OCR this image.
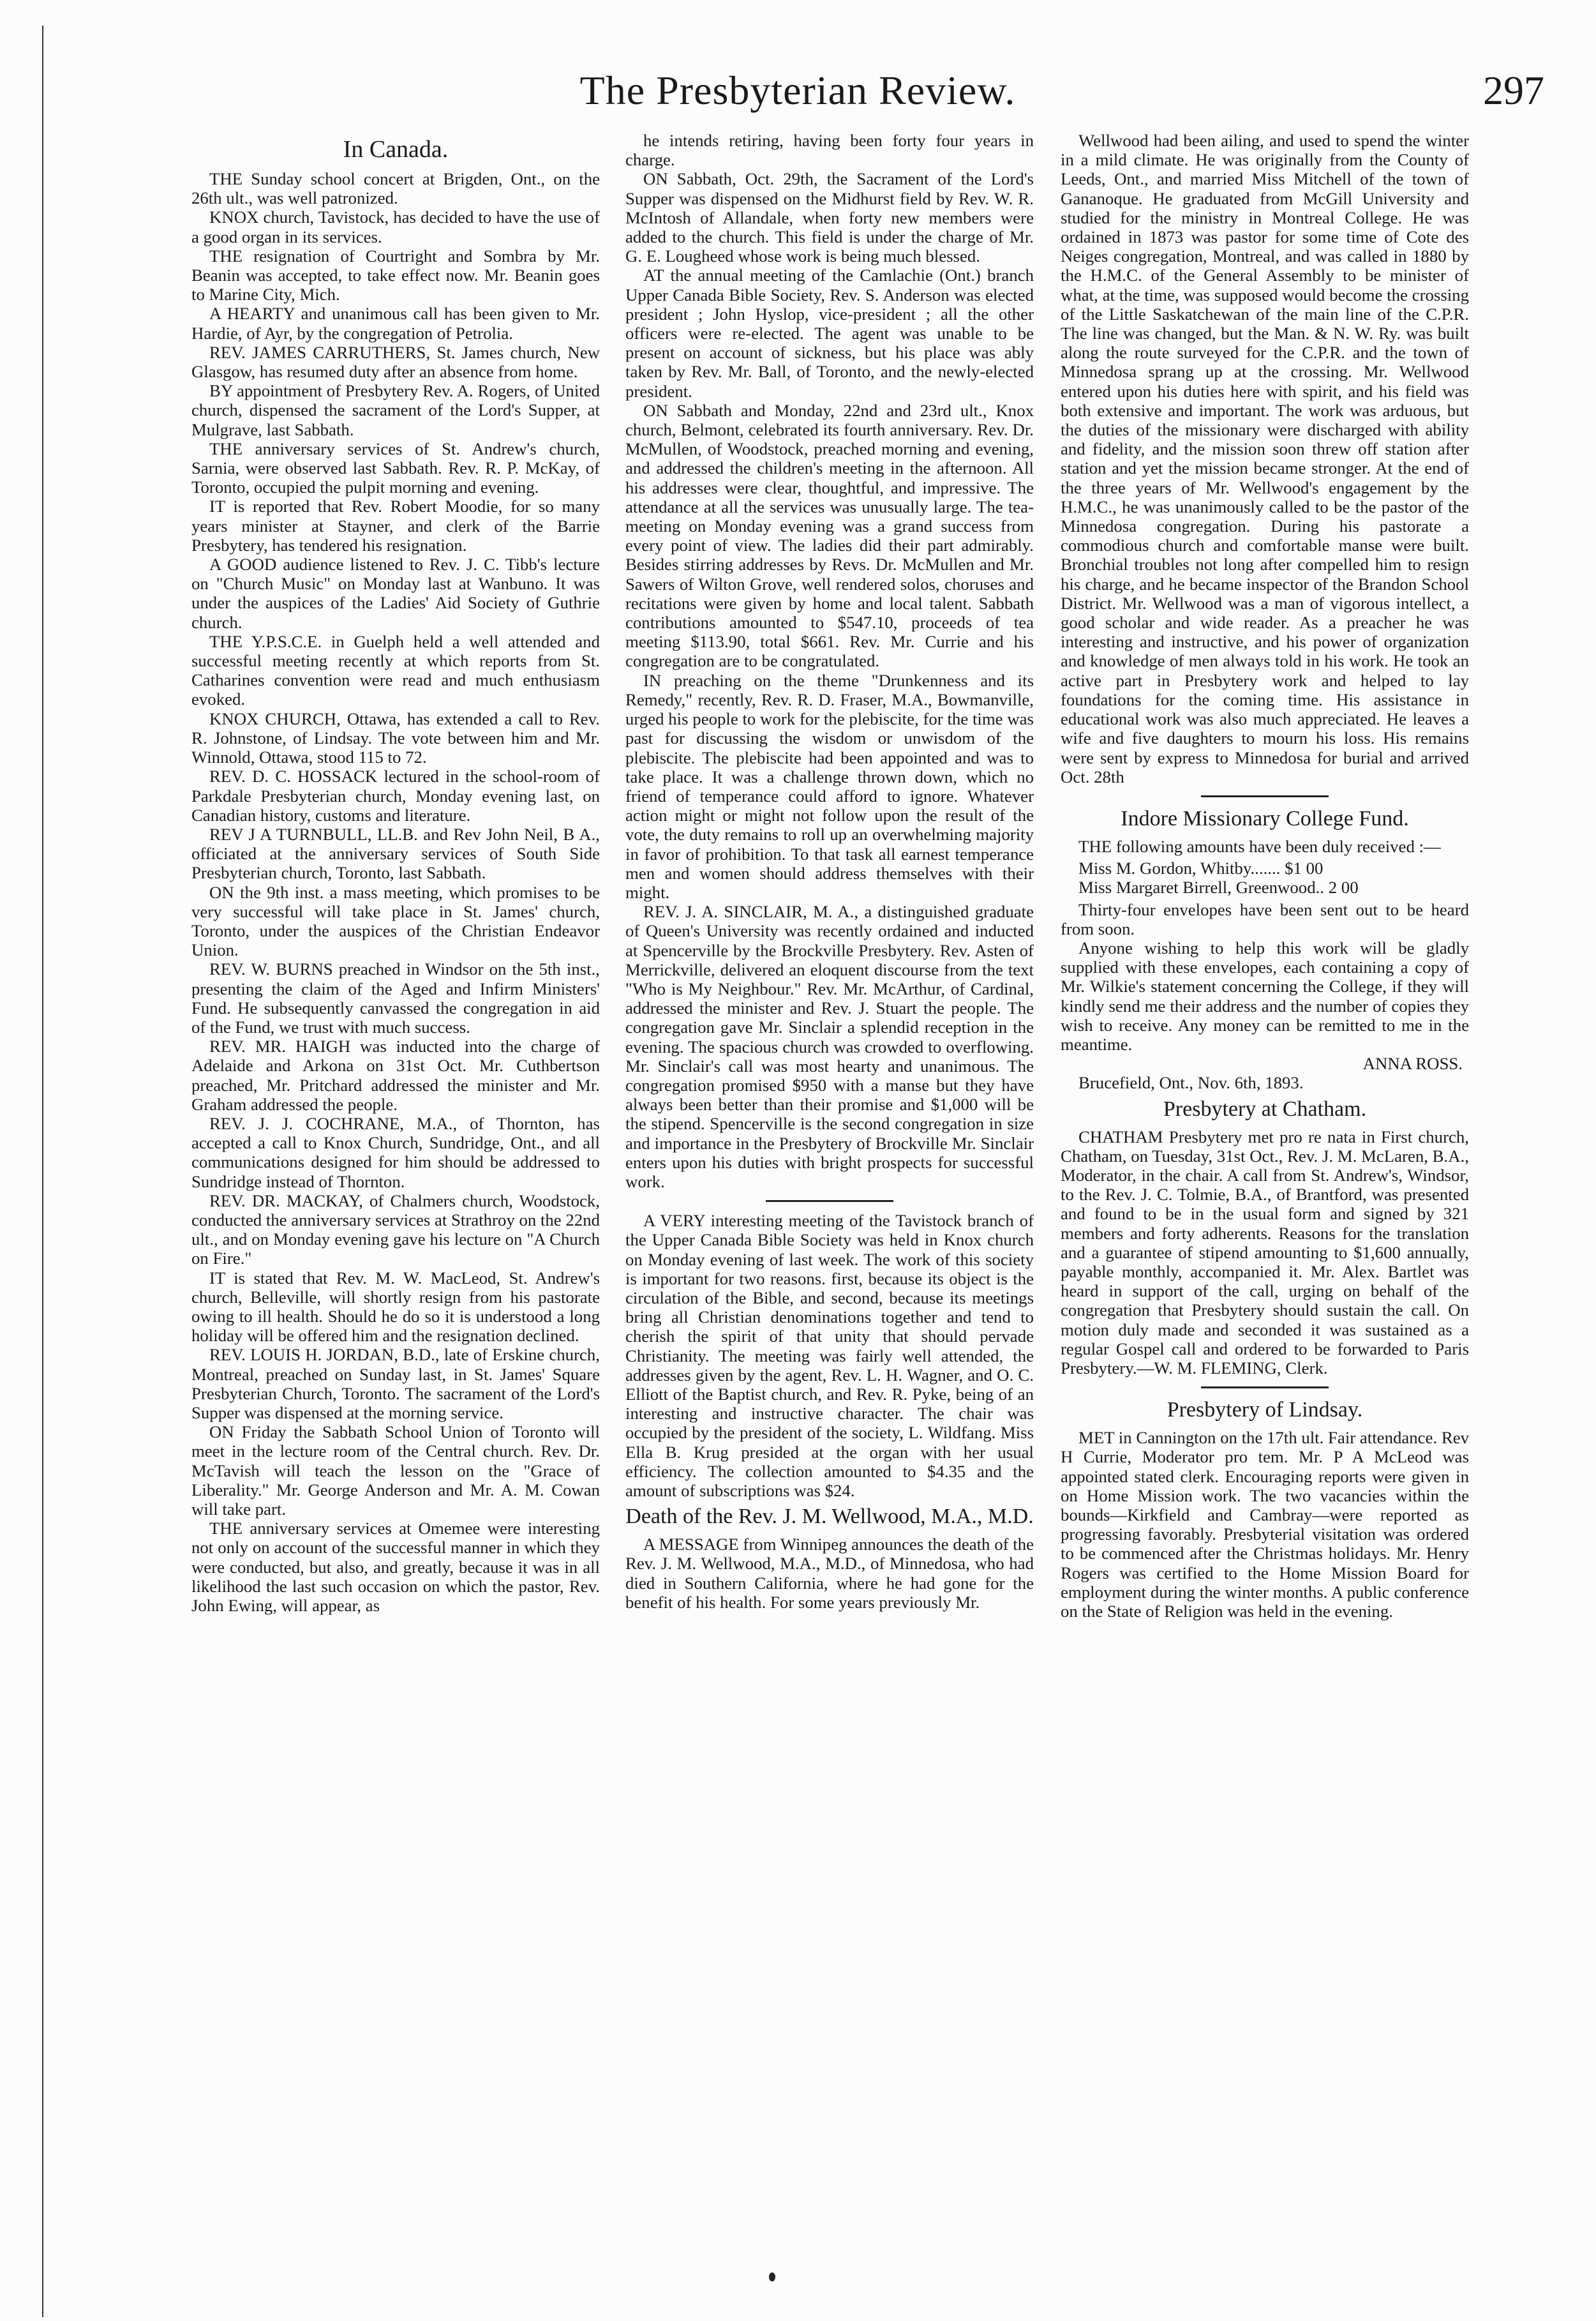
The Presbyterian Review.	297
In Canada.

THE Sunday school concert at Brigden, Ont., on the 26th ult., was well patronized.

KNOX church, Tavistock, has decided to have the use of a good organ in its services.

THE resignation of Courtright and Sombra by Mr. Beanin was accepted, to take effect now. Mr. Beanin goes to Marine City, Mich.

A HEARTY and unanimous call has been given to Mr. Hardie, of Ayr, by the congregation of Petrolia.

REV. JAMES CARRUTHERS, St. James church, New Glasgow, has resumed duty after an absence from home.

BY appointment of Presbytery Rev. A. Rogers, of United church, dispensed the sacrament of the Lord's Supper, at Mulgrave, last Sabbath.

THE anniversary services of St. Andrew's church, Sarnia, were observed last Sabbath. Rev. R. P. McKay, of Toronto, occupied the pulpit morning and evening.

IT is reported that Rev. Robert Moodie, for so many years minister at Stayner, and clerk of the Barrie Presbytery, has tendered his resignation.

A GOOD audience listened to Rev. J. C. Tibb's lecture on "Church Music" on Monday last at Wanbuno. It was under the auspices of the Ladies' Aid Society of Guthrie church.

THE Y.P.S.C.E. in Guelph held a well attended and successful meeting recently at which reports from St. Catharines convention were read and much enthusiasm evoked.

KNOX CHURCH, Ottawa, has extended a call to Rev. R. Johnstone, of Lindsay. The vote between him and Mr. Winnold, Ottawa, stood 115 to 72.

REV. D. C. HOSSACK lectured in the school-room of Parkdale Presbyterian church, Monday evening last, on Canadian history, customs and literature.

REV J A TURNBULL, LL.B. and Rev John Neil, B A., officiated at the anniversary services of South Side Presbyterian church, Toronto, last Sabbath.

ON the 9th inst. a mass meeting, which promises to be very successful will take place in St. James' church, Toronto, under the auspices of the Christian Endeavor Union.

REV. W. BURNS preached in Windsor on the 5th inst., presenting the claim of the Aged and Infirm Ministers' Fund. He subsequently canvassed the congregation in aid of the Fund, we trust with much success.

REV. MR. HAIGH was inducted into the charge of Adelaide and Arkona on 31st Oct. Mr. Cuthbertson preached, Mr. Pritchard addressed the minister and Mr. Graham addressed the people.

REV. J. J. COCHRANE, M.A., of Thornton, has accepted a call to Knox Church, Sundridge, Ont., and all communications designed for him should be addressed to Sundridge instead of Thornton.

REV. DR. MACKAY, of Chalmers church, Woodstock, conducted the anniversary services at Strathroy on the 22nd ult., and on Monday evening gave his lecture on "A Church on Fire."

IT is stated that Rev. M. W. MacLeod, St. Andrew's church, Belleville, will shortly resign from his pastorate owing to ill health. Should he do so it is understood a long holiday will be offered him and the resignation declined.

REV. LOUIS H. JORDAN, B.D., late of Erskine church, Montreal, preached on Sunday last, in St. James' Square Presbyterian Church, Toronto. The sacrament of the Lord's Supper was dispensed at the morning service.

ON Friday the Sabbath School Union of Toronto will meet in the lecture room of the Central church. Rev. Dr. McTavish will teach the lesson on the "Grace of Liberality." Mr. George Anderson and Mr. A. M. Cowan will take part.

THE anniversary services at Omemee were interesting not only on account of the successful manner in which they were conducted, but also, and greatly, because it was in all likelihood the last such occasion on which the pastor, Rev. John Ewing, will appear, as

he intends retiring, having been forty four years in charge.

ON Sabbath, Oct. 29th, the Sacrament of the Lord's Supper was dispensed on the Midhurst field by Rev. W. R. McIntosh of Allandale, when forty new members were added to the church. This field is under the charge of Mr. G. E. Lougheed whose work is being much blessed.

AT the annual meeting of the Camlachie (Ont.) branch Upper Canada Bible Society, Rev. S. Anderson was elected president ; John Hyslop, vice-president ; all the other officers were re-elected. The agent was unable to be present on account of sickness, but his place was ably taken by Rev. Mr. Ball, of Toronto, and the newly-elected president.

ON Sabbath and Monday, 22nd and 23rd ult., Knox church, Belmont, celebrated its fourth anniversary. Rev. Dr. McMullen, of Woodstock, preached morning and evening, and addressed the children's meeting in the afternoon. All his addresses were clear, thoughtful, and impressive. The attendance at all the services was unusually large. The tea-meeting on Monday evening was a grand success from every point of view. The ladies did their part admirably. Besides stirring addresses by Revs. Dr. McMullen and Mr. Sawers of Wilton Grove, well rendered solos, choruses and recitations were given by home and local talent. Sabbath contributions amounted to $547.10, proceeds of tea meeting $113.90, total $661. Rev. Mr. Currie and his congregation are to be congratulated.

IN preaching on the theme "Drunkenness and its Remedy," recently, Rev. R. D. Fraser, M.A., Bowmanville, urged his people to work for the plebiscite, for the time was past for discussing the wisdom or unwisdom of the plebiscite. The plebiscite had been appointed and was to take place. It was a challenge thrown down, which no friend of temperance could afford to ignore. Whatever action might or might not follow upon the result of the vote, the duty remains to roll up an overwhelming majority in favor of prohibition. To that task all earnest temperance men and women should address themselves with their might.

REV. J. A. SINCLAIR, M. A., a distinguished graduate of Queen's University was recently ordained and inducted at Spencerville by the Brockville Presbytery. Rev. Asten of Merrickville, delivered an eloquent discourse from the text "Who is My Neighbour." Rev. Mr. McArthur, of Cardinal, addressed the minister and Rev. J. Stuart the people. The congregation gave Mr. Sinclair a splendid reception in the evening. The spacious church was crowded to overflowing. Mr. Sinclair's call was most hearty and unanimous. The congregation promised $950 with a manse but they have always been better than their promise and $1,000 will be the stipend. Spencerville is the second congregation in size and importance in the Presbytery of Brockville Mr. Sinclair enters upon his duties with bright prospects for successful work.

A VERY interesting meeting of the Tavistock branch of the Upper Canada Bible Society was held in Knox church on Monday evening of last week. The work of this society is important for two reasons. first, because its object is the circulation of the Bible, and second, because its meetings bring all Christian denominations together and tend to cherish the spirit of that unity that should pervade Christianity. The meeting was fairly well attended, the addresses given by the agent, Rev. L. H. Wagner, and O. C. Elliott of the Baptist church, and Rev. R. Pyke, being of an interesting and instructive character. The chair was occupied by the president of the society, L. Wildfang. Miss Ella B. Krug presided at the organ with her usual efficiency. The collection amounted to $4.35 and the amount of subscriptions was $24.

Death of the Rev. J. M. Wellwood, M.A., M.D.

A MESSAGE from Winnipeg announces the death of the Rev. J. M. Wellwood, M.A., M.D., of Minnedosa, who had died in Southern California, where he had gone for the benefit of his health. For some years previously Mr.

Wellwood had been ailing, and used to spend the winter in a mild climate. He was originally from the County of Leeds, Ont., and married Miss Mitchell of the town of Gananoque. He graduated from McGill University and studied for the ministry in Montreal College. He was ordained in 1873 was pastor for some time of Cote des Neiges congregation, Montreal, and was called in 1880 by the H.M.C. of the General Assembly to be minister of what, at the time, was supposed would become the crossing of the Little Saskatchewan of the main line of the C.P.R. The line was changed, but the Man. & N. W. Ry. was built along the route surveyed for the C.P.R. and the town of Minnedosa sprang up at the crossing. Mr. Wellwood entered upon his duties here with spirit, and his field was both extensive and important. The work was arduous, but the duties of the missionary were discharged with ability and fidelity, and the mission soon threw off station after station and yet the mission became stronger. At the end of the three years of Mr. Wellwood's engagement by the H.M.C., he was unanimously called to be the pastor of the Minnedosa congregation. During his pastorate a commodious church and comfortable manse were built. Bronchial troubles not long after compelled him to resign his charge, and he became inspector of the Brandon School District. Mr. Wellwood was a man of vigorous intellect, a good scholar and wide reader. As a preacher he was interesting and instructive, and his power of organization and knowledge of men always told in his work. He took an active part in Presbytery work and helped to lay foundations for the coming time. His assistance in educational work was also much appreciated. He leaves a wife and five daughters to mourn his loss. His remains were sent by express to Minnedosa for burial and arrived Oct. 28th

Indore Missionary College Fund.

THE following amounts have been duly received :—

Miss M. Gordon, Whitby....... $1 00
Miss Margaret Birrell, Greenwood.. 2 00

Thirty-four envelopes have been sent out to be heard from soon.

Anyone wishing to help this work will be gladly supplied with these envelopes, each containing a copy of Mr. Wilkie's statement concerning the College, if they will kindly send me their address and the number of copies they wish to receive. Any money can be remitted to me in the meantime.

ANNA ROSS.

Brucefield, Ont., Nov. 6th, 1893.

Presbytery at Chatham.

CHATHAM Presbytery met pro re nata in First church, Chatham, on Tuesday, 31st Oct., Rev. J. M. McLaren, B.A., Moderator, in the chair. A call from St. Andrew's, Windsor, to the Rev. J. C. Tolmie, B.A., of Brantford, was presented and found to be in the usual form and signed by 321 members and forty adherents. Reasons for the translation and a guarantee of stipend amounting to $1,600 annually, payable monthly, accompanied it. Mr. Alex. Bartlet was heard in support of the call, urging on behalf of the congregation that Presbytery should sustain the call. On motion duly made and seconded it was sustained as a regular Gospel call and ordered to be forwarded to Paris Presbytery.—W. M. FLEMING, Clerk.

Presbytery of Lindsay.

MET in Cannington on the 17th ult. Fair attendance. Rev H Currie, Moderator pro tem. Mr. P A McLeod was appointed stated clerk. Encouraging reports were given in on Home Mission work. The two vacancies within the bounds—Kirkfield and Cambray—were reported as progressing favorably. Presbyterial visitation was ordered to be commenced after the Christmas holidays. Mr. Henry Rogers was certified to the Home Mission Board for employment during the winter months. A public conference on the State of Religion was held in the evening.
